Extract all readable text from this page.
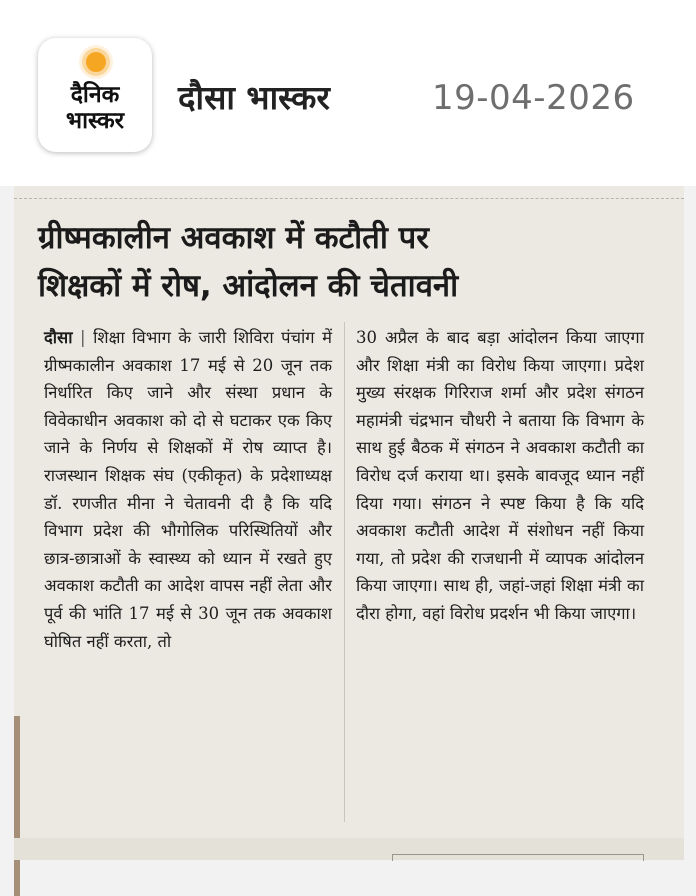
दैनिक
भास्कर
दौसा भास्कर	19-04-2026
ग्रीष्मकालीन अवकाश में कटौती पर
शिक्षकों में रोष, आंदोलन की चेतावनी
दौसा | शिक्षा विभाग के जारी शिविरा पंचांग में ग्रीष्मकालीन अवकाश 17 मई से 20 जून तक निर्धारित किए जाने और संस्था प्रधान के विवेकाधीन अवकाश को दो से घटाकर एक किए जाने के निर्णय से शिक्षकों में रोष व्याप्त है। राजस्थान शिक्षक संघ (एकीकृत) के प्रदेशाध्यक्ष डॉ. रणजीत मीना ने चेतावनी दी है कि यदि विभाग प्रदेश की भौगोलिक परिस्थितियों और छात्र-छात्राओं के स्वास्थ्य को ध्यान में रखते हुए अवकाश कटौती का आदेश वापस नहीं लेता और पूर्व की भांति 17 मई से 30 जून तक अवकाश घोषित नहीं करता, तो
30 अप्रैल के बाद बड़ा आंदोलन किया जाएगा और शिक्षा मंत्री का विरोध किया जाएगा। प्रदेश मुख्य संरक्षक गिरिराज शर्मा और प्रदेश संगठन महामंत्री चंद्रभान चौधरी ने बताया कि विभाग के साथ हुई बैठक में संगठन ने अवकाश कटौती का विरोध दर्ज कराया था। इसके बावजूद ध्यान नहीं दिया गया। संगठन ने स्पष्ट किया है कि यदि अवकाश कटौती आदेश में संशोधन नहीं किया गया, तो प्रदेश की राजधानी में व्यापक आंदोलन किया जाएगा। साथ ही, जहां-जहां शिक्षा मंत्री का दौरा होगा, वहां विरोध प्रदर्शन भी किया जाएगा।
